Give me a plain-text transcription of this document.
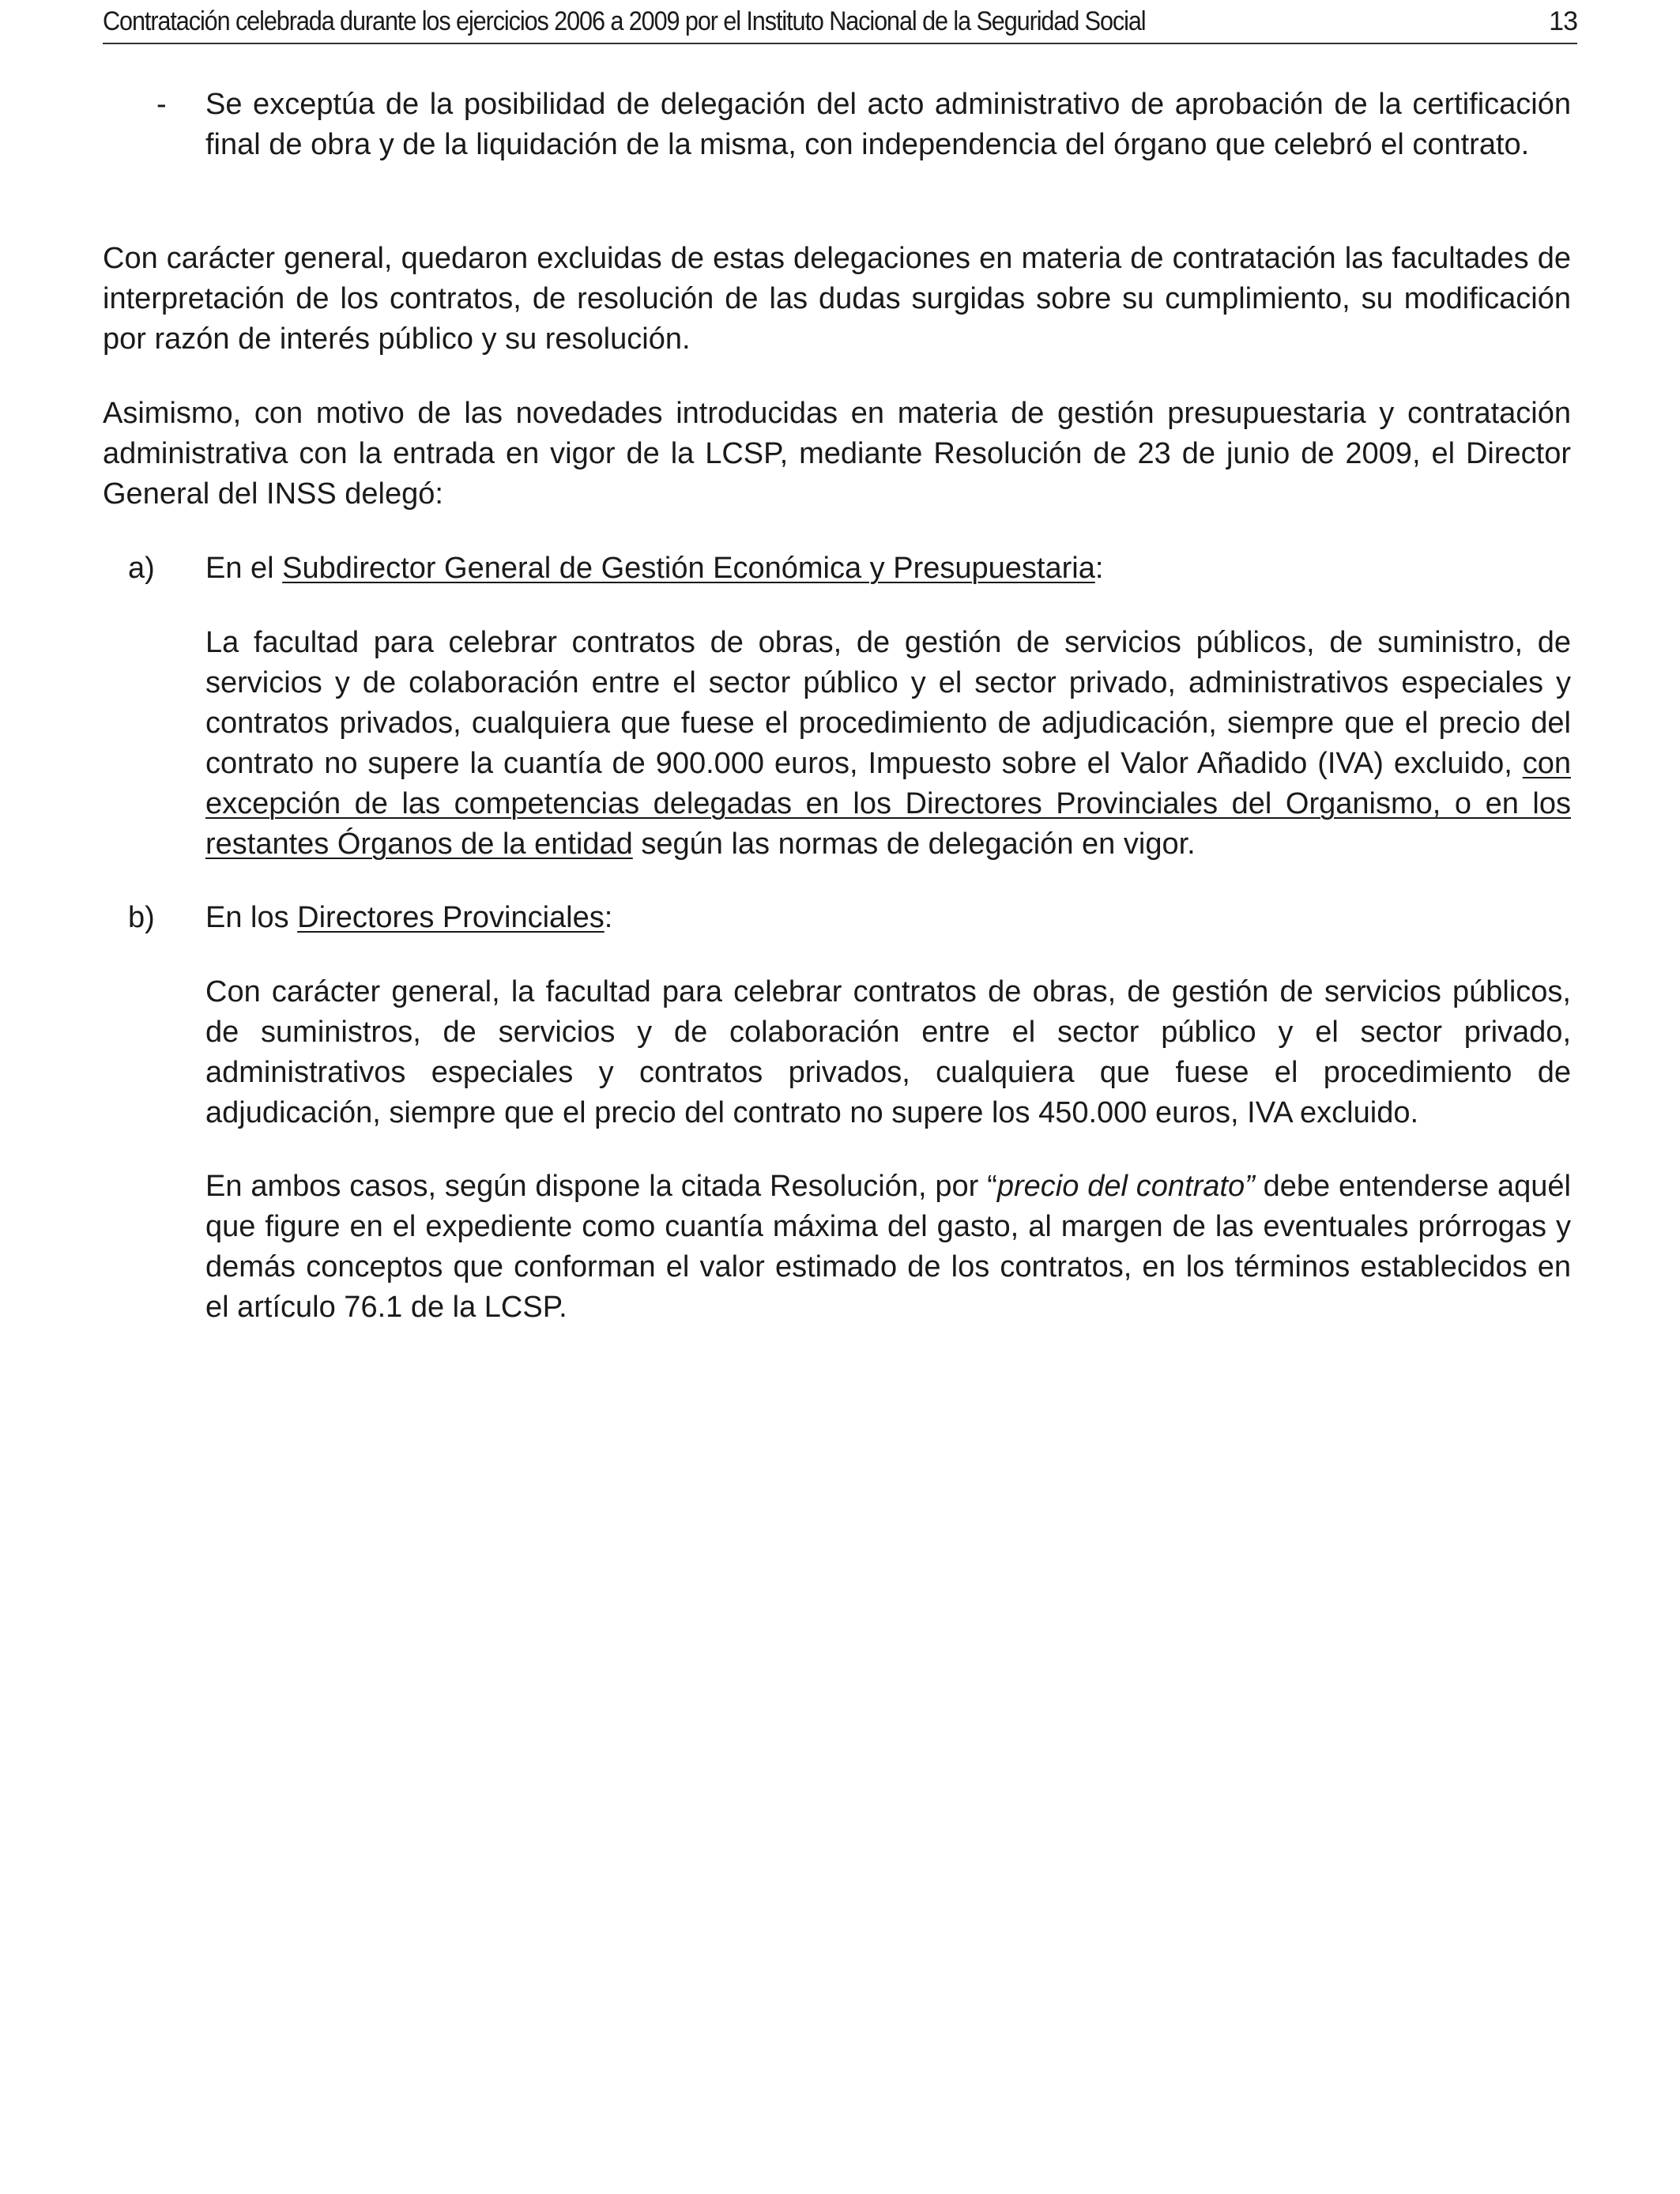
Contratación celebrada durante los ejercicios 2006 a 2009 por el Instituto Nacional de la Seguridad Social	13
- Se exceptúa de la posibilidad de delegación del acto administrativo de aprobación de la certificación final de obra y de la liquidación de la misma, con independencia del órgano que celebró el contrato.
Con carácter general, quedaron excluidas de estas delegaciones en materia de contratación las facultades de interpretación de los contratos, de resolución de las dudas surgidas sobre su cumplimiento, su modificación por razón de interés público y su resolución.
Asimismo, con motivo de las novedades introducidas en materia de gestión presupuestaria y contratación administrativa con la entrada en vigor de la LCSP, mediante Resolución de 23 de junio de 2009, el Director General del INSS delegó:
a) En el Subdirector General de Gestión Económica y Presupuestaria:
La facultad para celebrar contratos de obras, de gestión de servicios públicos, de suministro, de servicios y de colaboración entre el sector público y el sector privado, administrativos especiales y contratos privados, cualquiera que fuese el procedimiento de adjudicación, siempre que el precio del contrato no supere la cuantía de 900.000 euros, Impuesto sobre el Valor Añadido (IVA) excluido, con excepción de las competencias delegadas en los Directores Provinciales del Organismo, o en los restantes Órganos de la entidad según las normas de delegación en vigor.
b) En los Directores Provinciales:
Con carácter general, la facultad para celebrar contratos de obras, de gestión de servicios públicos, de suministros, de servicios y de colaboración entre el sector público y el sector privado, administrativos especiales y contratos privados, cualquiera que fuese el procedimiento de adjudicación, siempre que el precio del contrato no supere los 450.000 euros, IVA excluido.
En ambos casos, según dispone la citada Resolución, por “precio del contrato” debe entenderse aquél que figure en el expediente como cuantía máxima del gasto, al margen de las eventuales prórrogas y demás conceptos que conforman el valor estimado de los contratos, en los términos establecidos en el artículo 76.1 de la LCSP.
